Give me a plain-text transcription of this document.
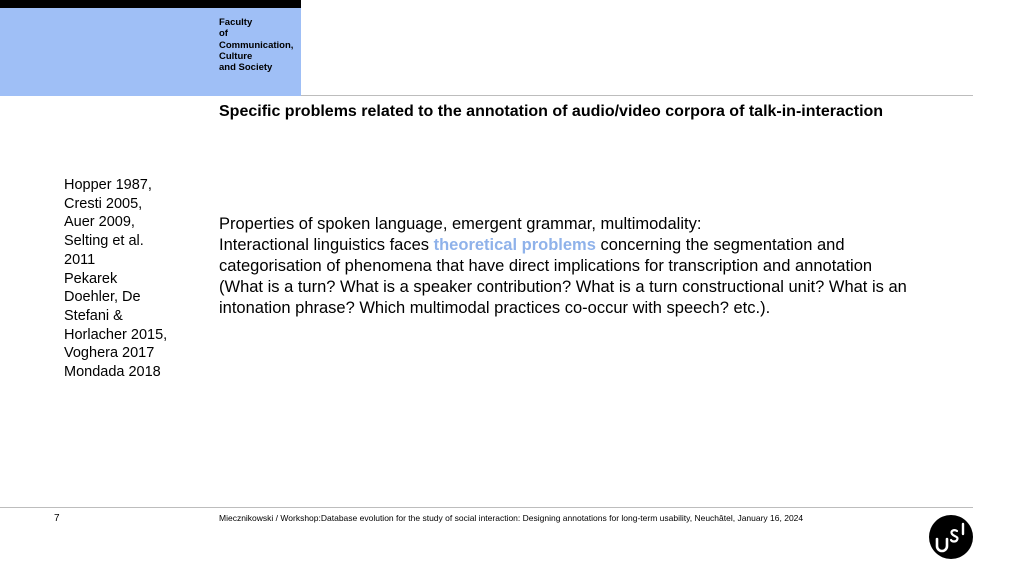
Faculty
of
Communication,
Culture
and Society
Specific problems related to the annotation of audio/video corpora of talk-in-interaction
Hopper 1987,
Cresti 2005,
Auer 2009,
Selting et al.
2011
Pekarek
Doehler, De
Stefani &
Horlacher 2015,
Voghera 2017
Mondada 2018
Properties of spoken language, emergent grammar, multimodality:
Interactional linguistics faces theoretical problems concerning the segmentation and
categorisation of phenomena that have direct implications for transcription and annotation
(What is a turn? What is a speaker contribution? What is a turn constructional unit? What is an
intonation phrase? Which multimodal practices co-occur with speech? etc.).
7	Miecznikowski / Workshop:Database evolution for the study of social interaction: Designing annotations for long-term usability, Neuchâtel, January 16, 2024
